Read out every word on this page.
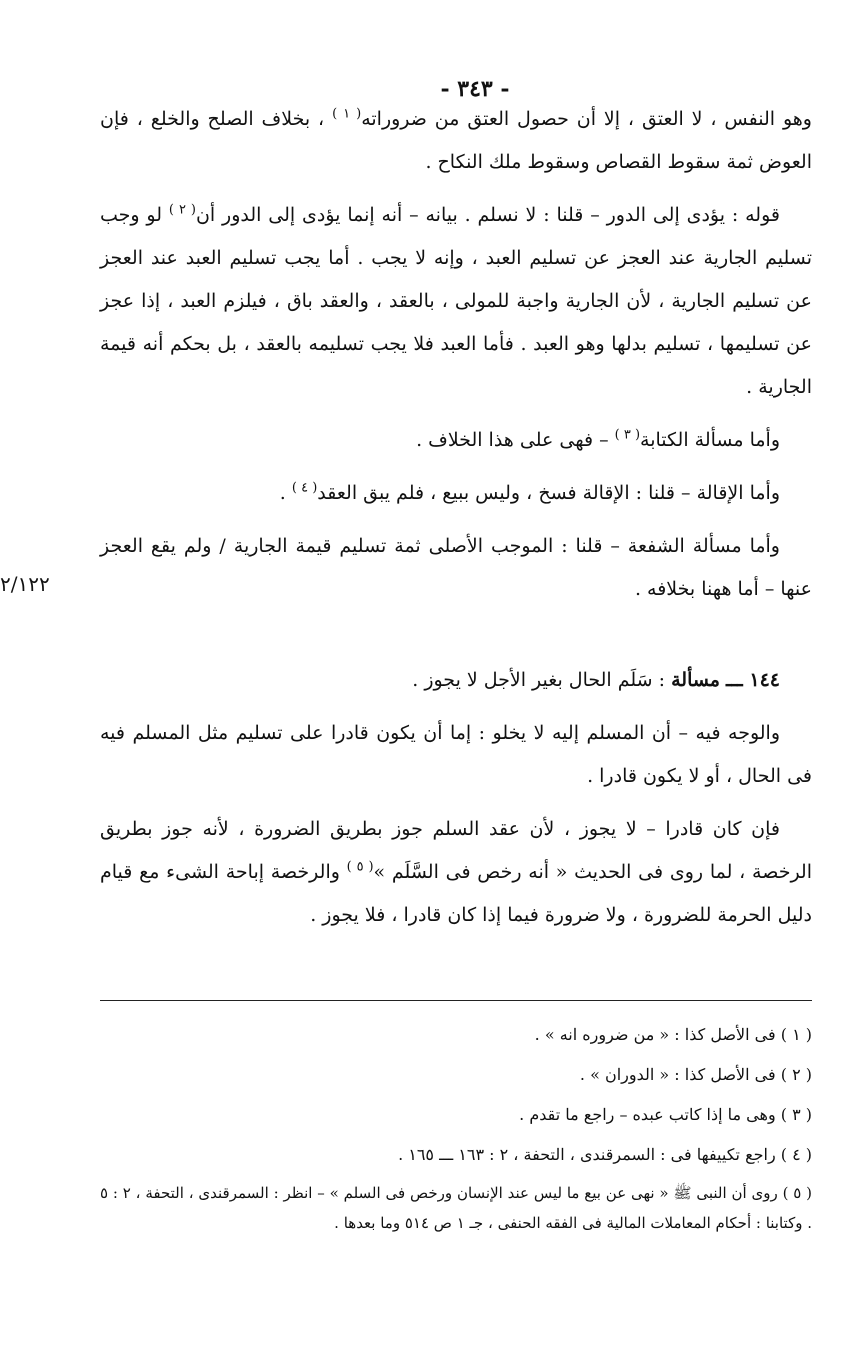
- ٣٤٣ -
٢/١٢٢

وهو النفس ، لا العتق ، إلا أن حصول العتق من ضروراته$^{( ١ )}$ ، بخلاف الصلح والخلع ، فإن العوض ثمة سقوط القصاص وسقوط ملك النكاح .

قوله : يؤدى إلى الدور – قلنا : لا نسلم . بيانه – أنه إنما يؤدى إلى الدور أن$^{( ٢ )}$ لو وجب تسليم الجارية عند العجز عن تسليم العبد ، وإنه لا يجب . أما يجب تسليم العبد عند العجز عن تسليم الجارية ، لأن الجارية واجبة للمولى ، بالعقد ، والعقد باق ، فيلزم العبد ، إذا عجز عن تسليمها ، تسليم بدلها وهو العبد . فأما العبد فلا يجب تسليمه بالعقد ، بل بحكم أنه قيمة الجارية .

وأما مسألة الكتابة$^{( ٣ )}$ – فهى على هذا الخلاف .

وأما الإقالة – قلنا : الإقالة فسخ ، وليس ببيع ، فلم يبق العقد$^{( ٤ )}$ .

وأما مسألة الشفعة – قلنا : الموجب الأصلى ثمة تسليم قيمة الجارية / ولم يقع العجز عنها – أما ههنا بخلافه .

١٤٤ ـــ مسألة : سَلَم الحال بغير الأجل لا يجوز .

والوجه فيه – أن المسلم إليه لا يخلو : إما أن يكون قادرا على تسليم مثل المسلم فيه فى الحال ، أو لا يكون قادرا .

فإن كان قادرا – لا يجوز ، لأن عقد السلم جوز بطريق الضرورة ، لأنه جوز بطريق الرخصة ، لما روى فى الحديث « أنه رخص فى السَّلَم »$^{( ٥ )}$ والرخصة إباحة الشىء مع قيام دليل الحرمة للضرورة ، ولا ضرورة فيما إذا كان قادرا ، فلا يجوز .

( ١ ) فى الأصل كذا : « من ضروره انه » .

( ٢ ) فى الأصل كذا : « الدوران » .

( ٣ ) وهى ما إذا كاتب عبده – راجع ما تقدم .

( ٤ ) راجع تكييفها فى : السمرقندى ، التحفة ، ٢ : ١٦٣ ـــ ١٦٥ .

( ٥ ) روى أن النبى ﷺ « نهى عن بيع ما ليس عند الإنسان ورخص فى السلم » – انظر : السمرقندى ، التحفة ، ٢ : ٥ . وكتابنا : أحكام المعاملات المالية فى الفقه الحنفى ، جـ ١ ص ٥١٤ وما بعدها .
